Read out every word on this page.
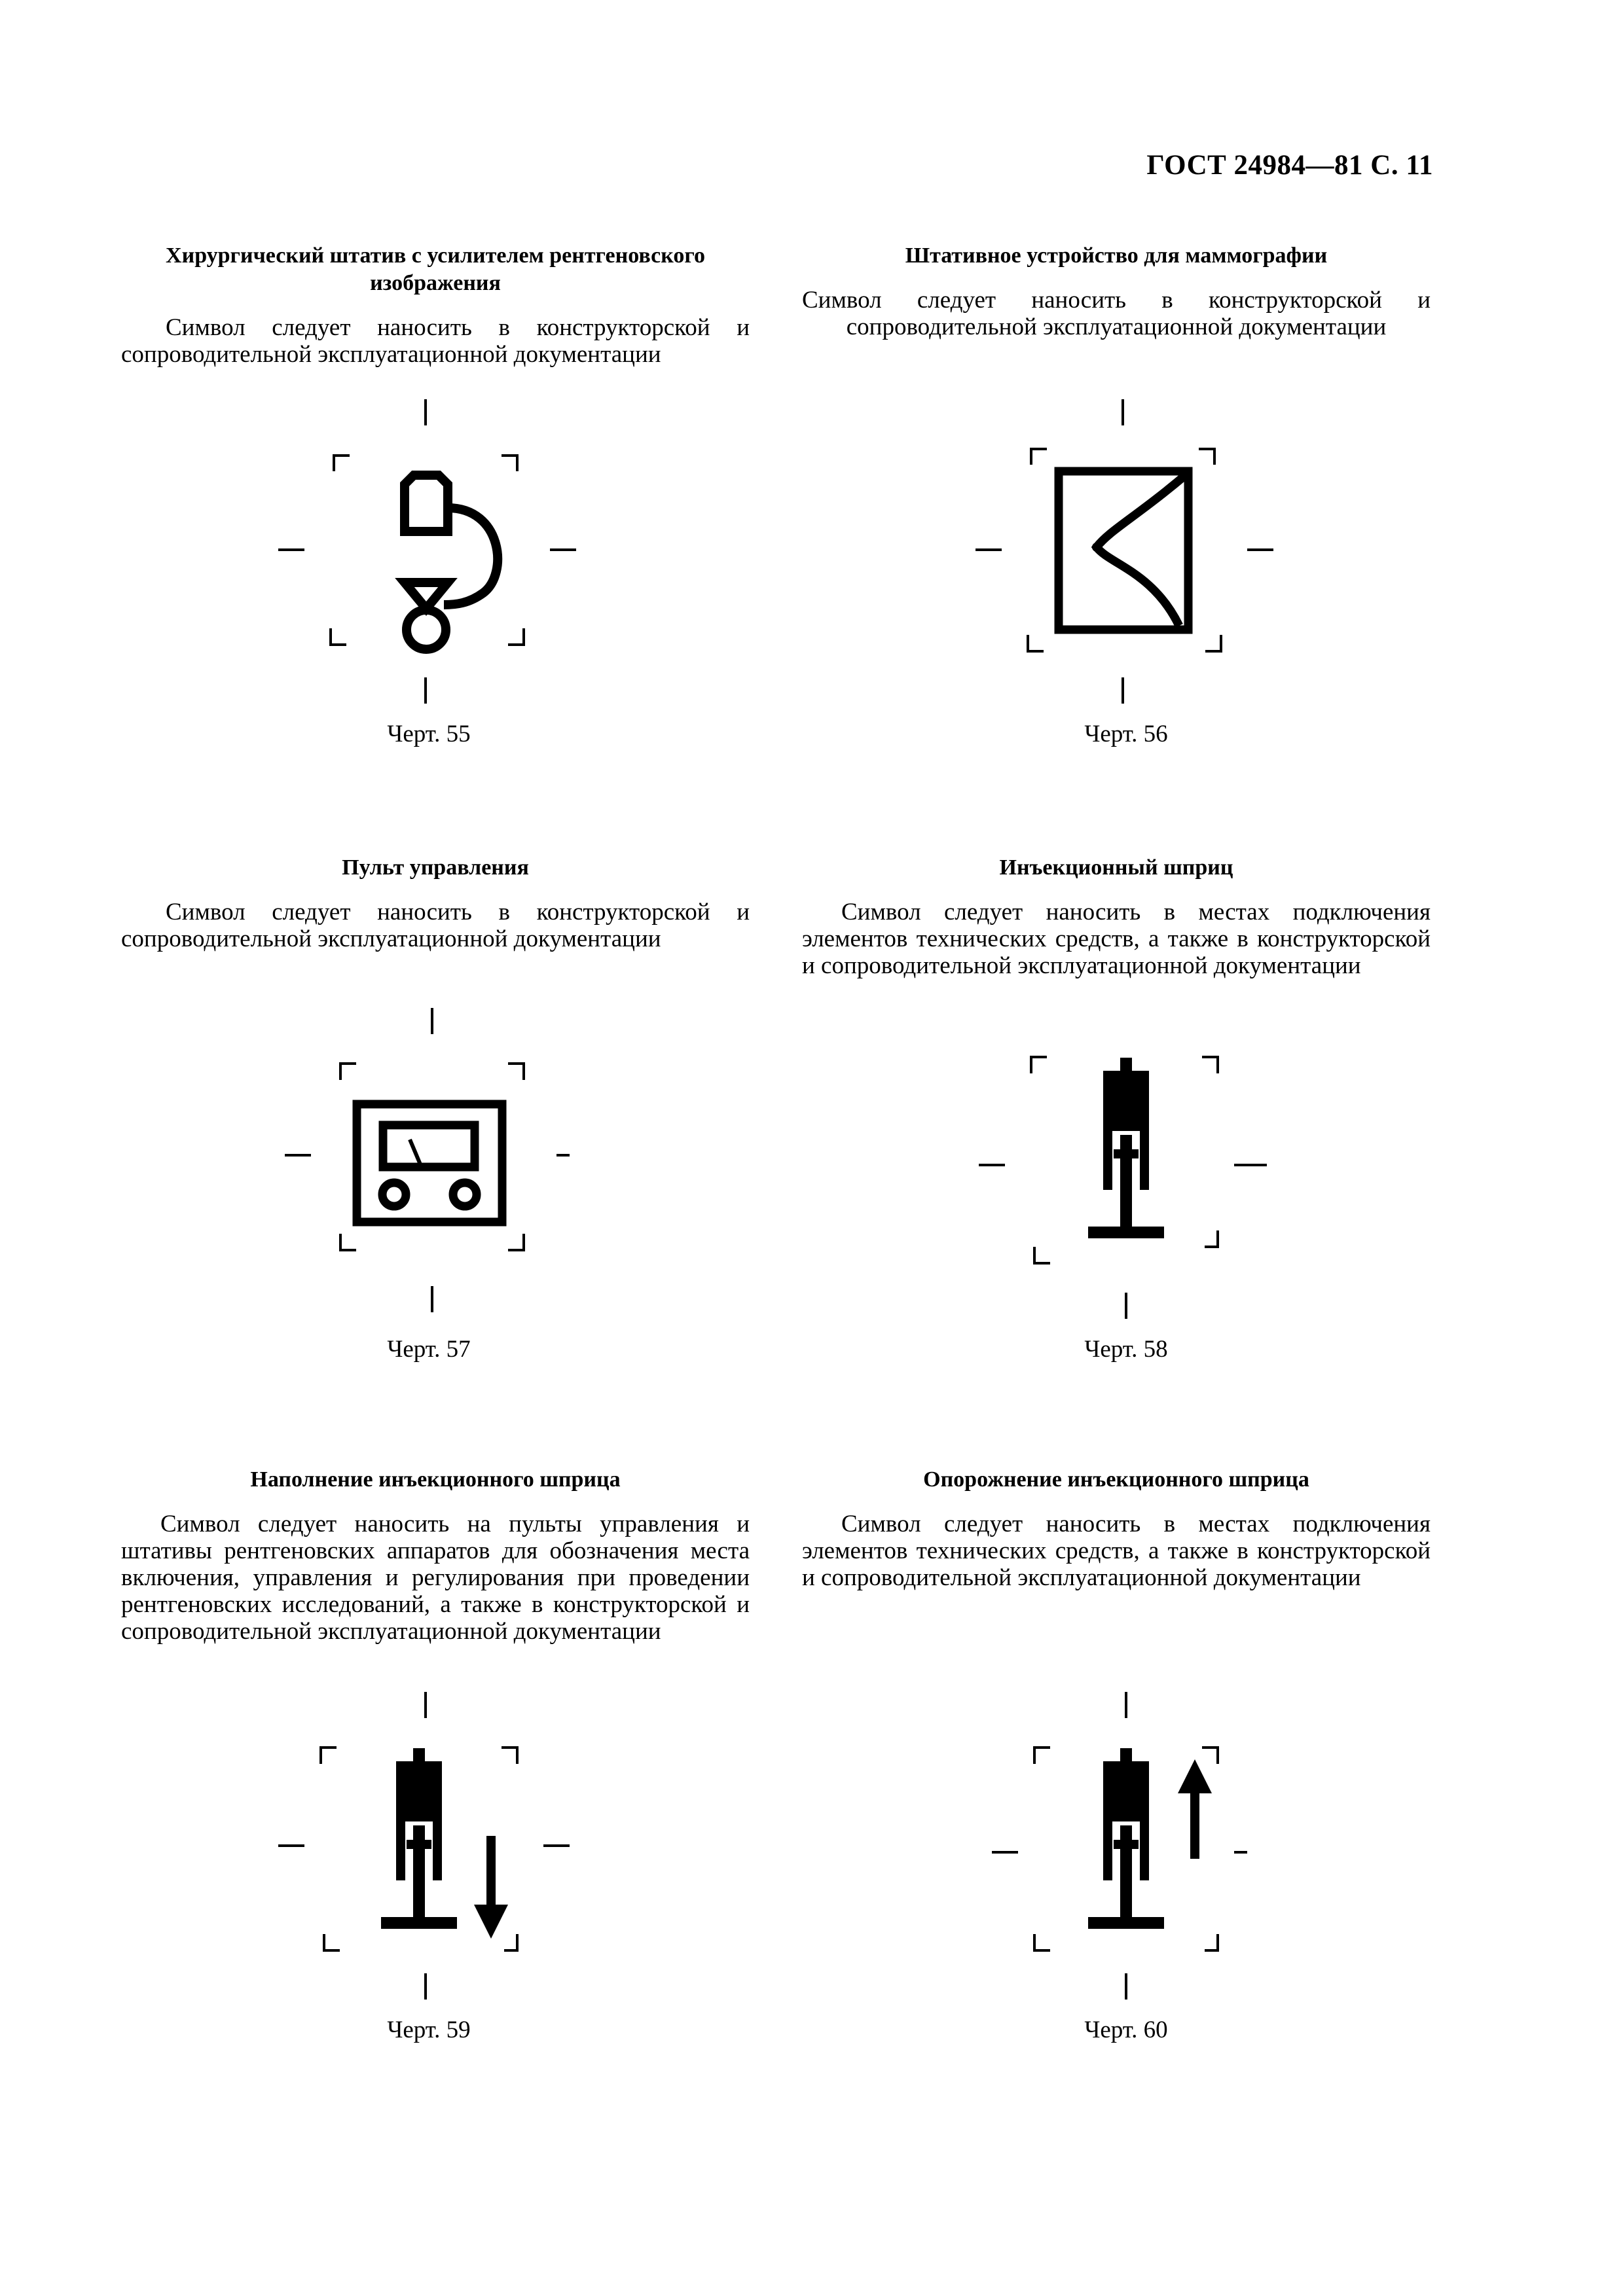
ГОСТ 24984—81 С. 11
Хирургический штатив с усилителем рентгеновского изображения

Символ следует наносить в конструкторской и сопроводительной эксплуатационной документации

Черт. 55
Штативное устройство для маммографии

Символ следует наносить в конструкторской и сопроводительной эксплуатационной документации

Черт. 56
Пульт управления

Символ следует наносить в конструкторской и сопроводительной эксплуатационной документации

Черт. 57
Инъекционный шприц

Символ следует наносить в местах подключения элементов технических средств, а также в конструкторской и сопроводительной эксплуатационной документации

Черт. 58
Наполнение инъекционного шприца

Символ следует наносить на пульты управления и штативы рентгеновских аппаратов для обозначения места включения, управления и регулирования при проведении рентгеновских исследований, а также в конструкторской и сопроводительной эксплуатационной документации

Черт. 59
Опорожнение инъекционного шприца

Символ следует наносить в местах подключения элементов технических средств, а также в конструкторской и сопроводительной эксплуатационной документации

Черт. 60
